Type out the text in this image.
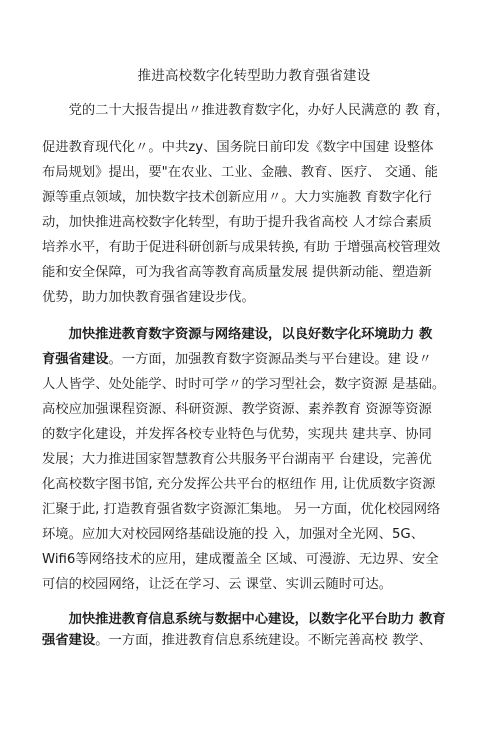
推进高校数字化转型助力教育强省建设
党的二十大报告提出〃推进教育数字化，办好人民满意的 教 育，
促进教育现代化〃。中共zy、国务院日前印发《数字中国建 设整体
布局规划》提出，要"在农业、工业、金融、教育、医疗、 交通、能
源等重点领域，加快数字技术创新应用〃。大力实施教 育数字化行
动，加快推进高校数字化转型，有助于提升我省高校 人才综合素质
培养水平，有助于促进科研创新与成果转换, 有助 于增强高校管理效
能和安全保障，可为我省高等教育高质量发展 提供新动能、塑造新
优势，助力加快教育强省建设步伐。
加快推进教育数字资源与网络建设，以良好数字化环境助力 教
育强省建设。一方面，加强教育数字资源品类与平台建设。建 设〃
人人皆学、处处能学、时时可学〃的学习型社会，数字资源 是基础。
高校应加强课程资源、科研资源、教学资源、素养教育 资源等资源
的数字化建设，并发挥各校专业特色与优势，实现共 建共享、协同
发展；大力推进国家智慧教育公共服务平台湖南平 台建设，完善优
化高校数字图书馆, 充分发挥公共平台的枢纽作 用, 让优质数字资源
汇聚于此, 打造教育强省数字资源汇集地。 另一方面，优化校园网络
环境。应加大对校园网络基础设施的投 入，加强对全光网、5G、
Wifi6等网络技术的应用，建成覆盖全 区域、可漫游、无边界、安全
可信的校园网络，让泛在学习、云 课堂、实训云随时可达。
加快推进教育信息系统与数据中心建设，以数字化平台助力 教育
强省建设。一方面，推进教育信息系统建设。不断完善高校 教学、
